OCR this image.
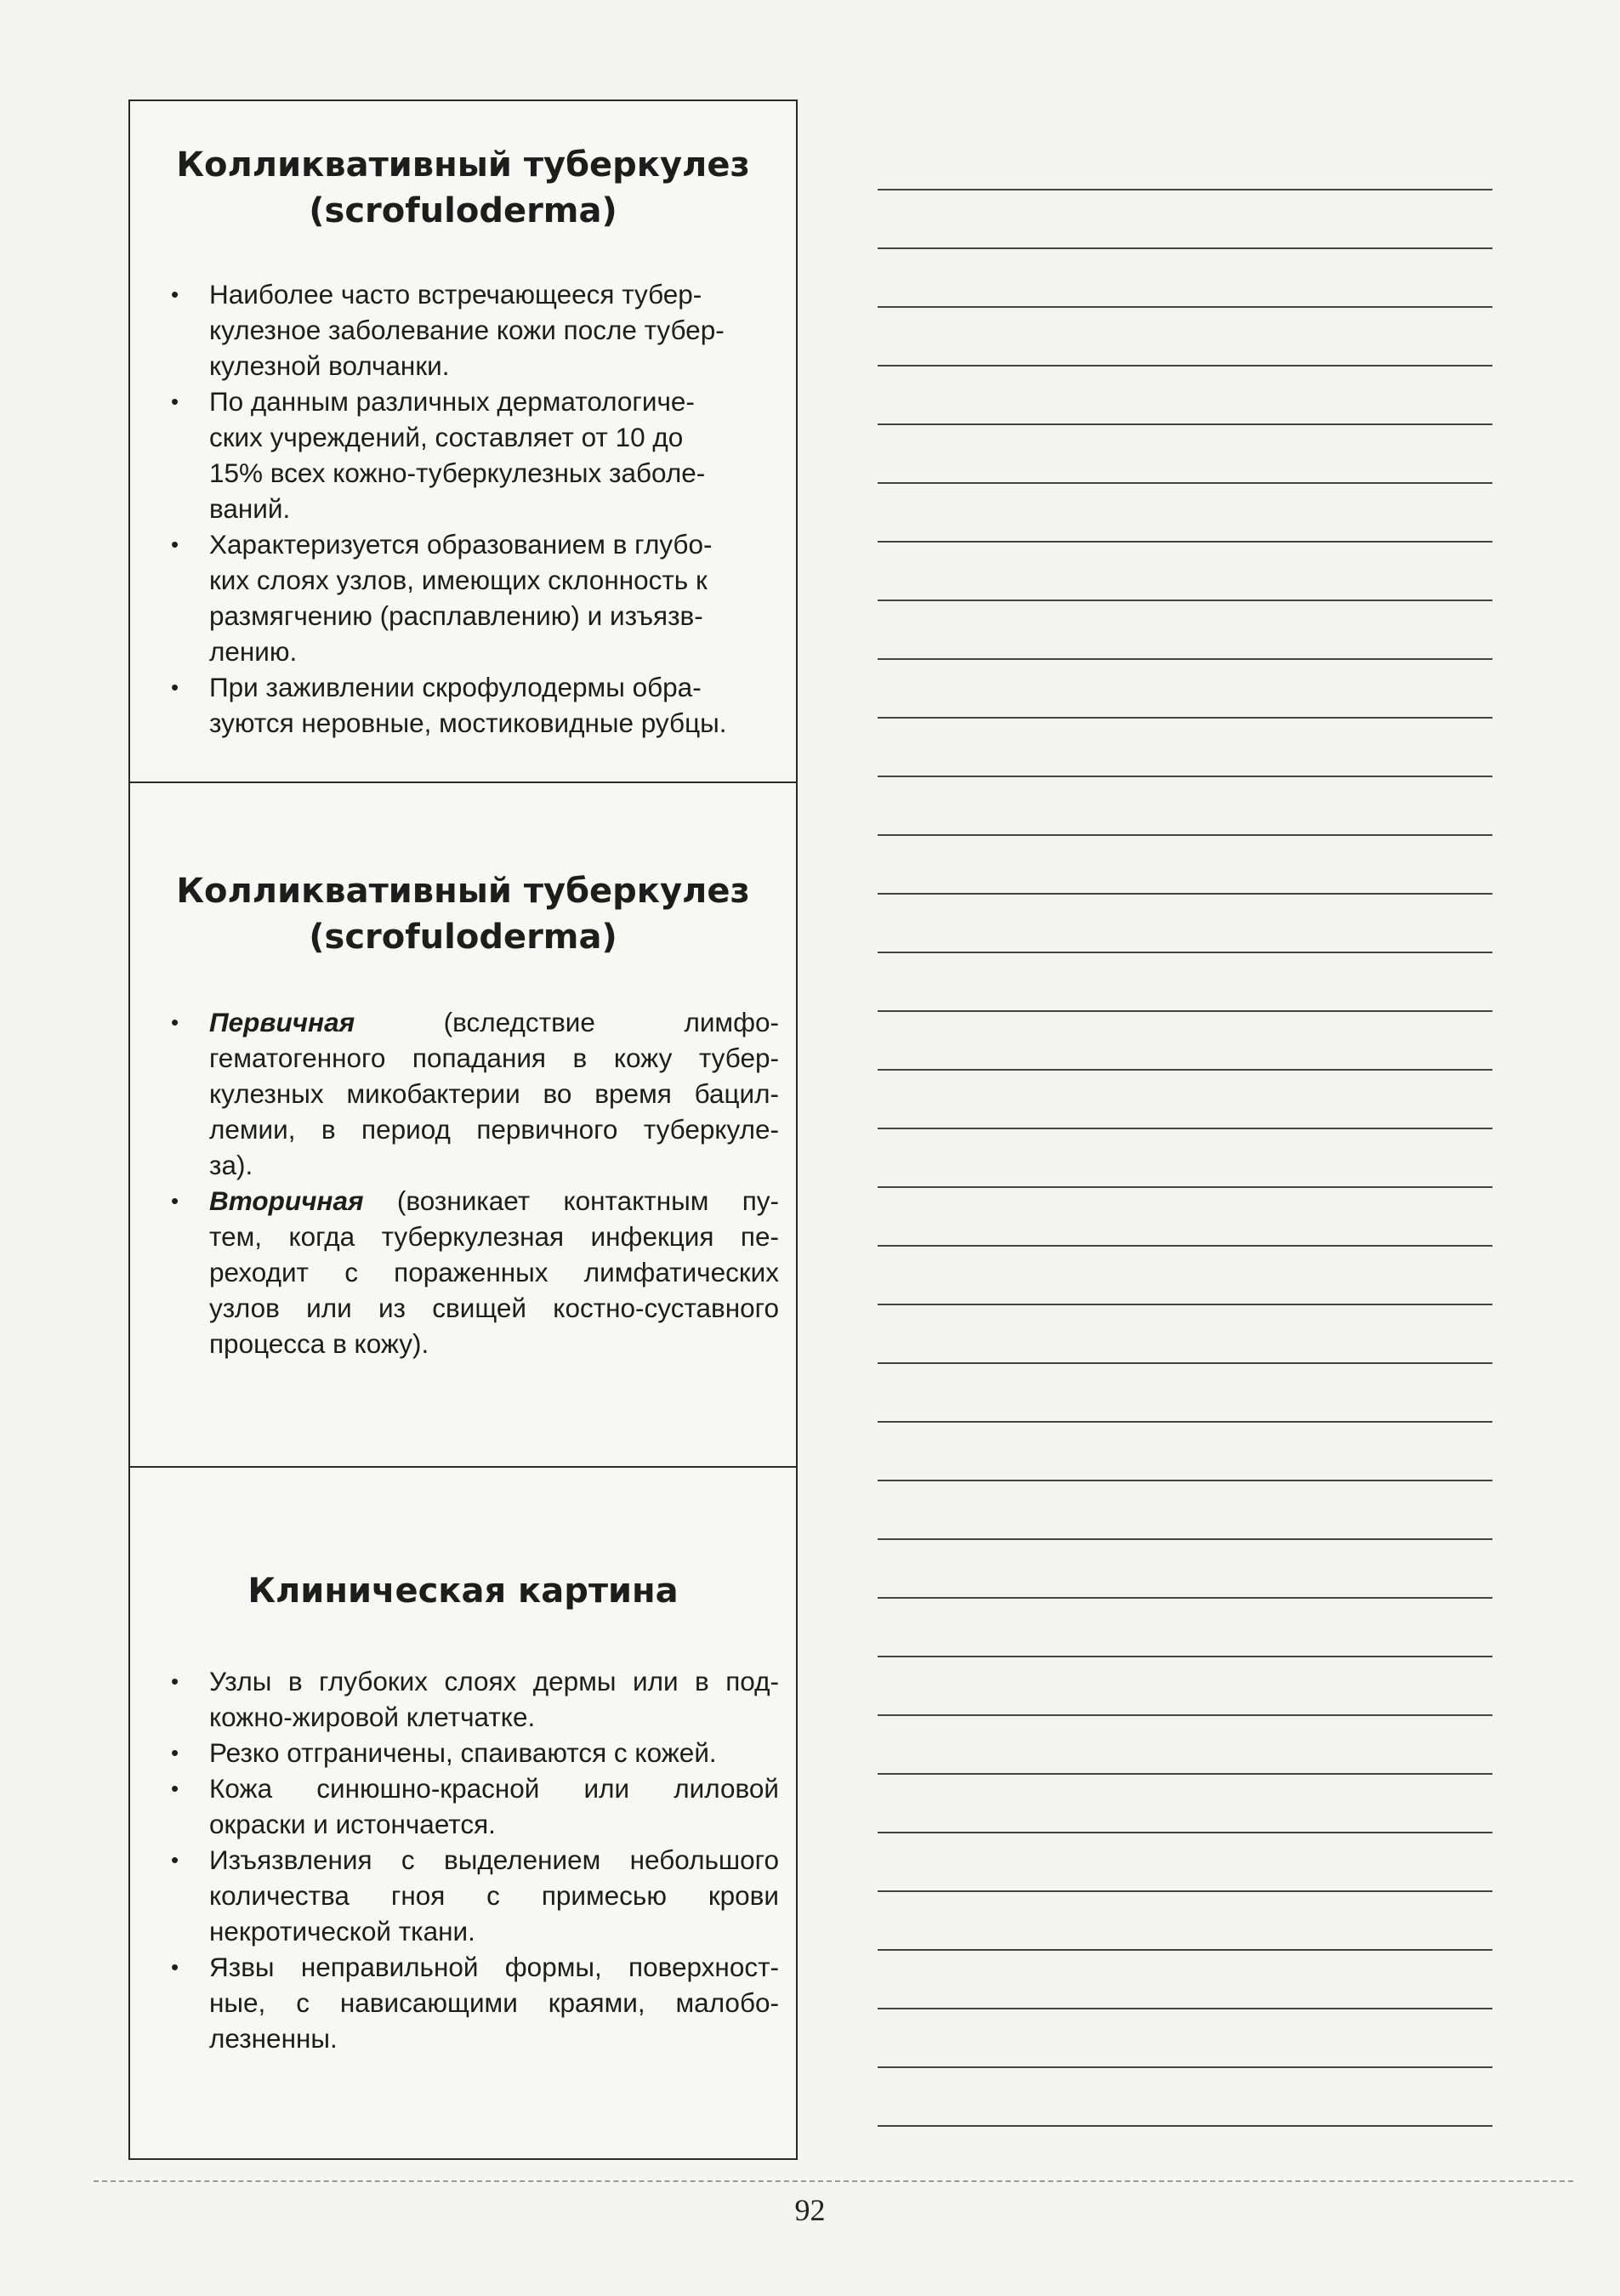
Колликвативный туберкулез
(scrofuloderma)
• Наиболее часто встречающееся тубер-
кулезное заболевание кожи после тубер-
кулезной волчанки.
• По данным различных дерматологиче-
ских учреждений, составляет от 10 до
15% всех кожно-туберкулезных заболе-
ваний.
• Характеризуется образованием в глубо-
ких слоях узлов, имеющих склонность к
размягчению (расплавлению) и изъязв-
лению.
• При заживлении скрофулодермы обра-
зуются неровные, мостиковидные рубцы.
Колликвативный туберкулез
(scrofuloderma)
• Первичная (вследствие лимфо-
гематогенного попадания в кожу тубер-
кулезных микобактерии во время бацил-
лемии, в период первичного туберкуле-
за).
• Вторичная (возникает контактным пу-
тем, когда туберкулезная инфекция пе-
реходит с пораженных лимфатических
узлов или из свищей костно-суставного
процесса в кожу).
Клиническая картина
• Узлы в глубоких слоях дермы или в под-
кожно-жировой клетчатке.
• Резко отграничены, спаиваются с кожей.
• Кожа синюшно-красной или лиловой
окраски и истончается.
• Изъязвления с выделением небольшого
количества гноя с примесью крови
некротической ткани.
• Язвы неправильной формы, поверхност-
ные, с нависающими краями, малобо-
лезненны.
92
